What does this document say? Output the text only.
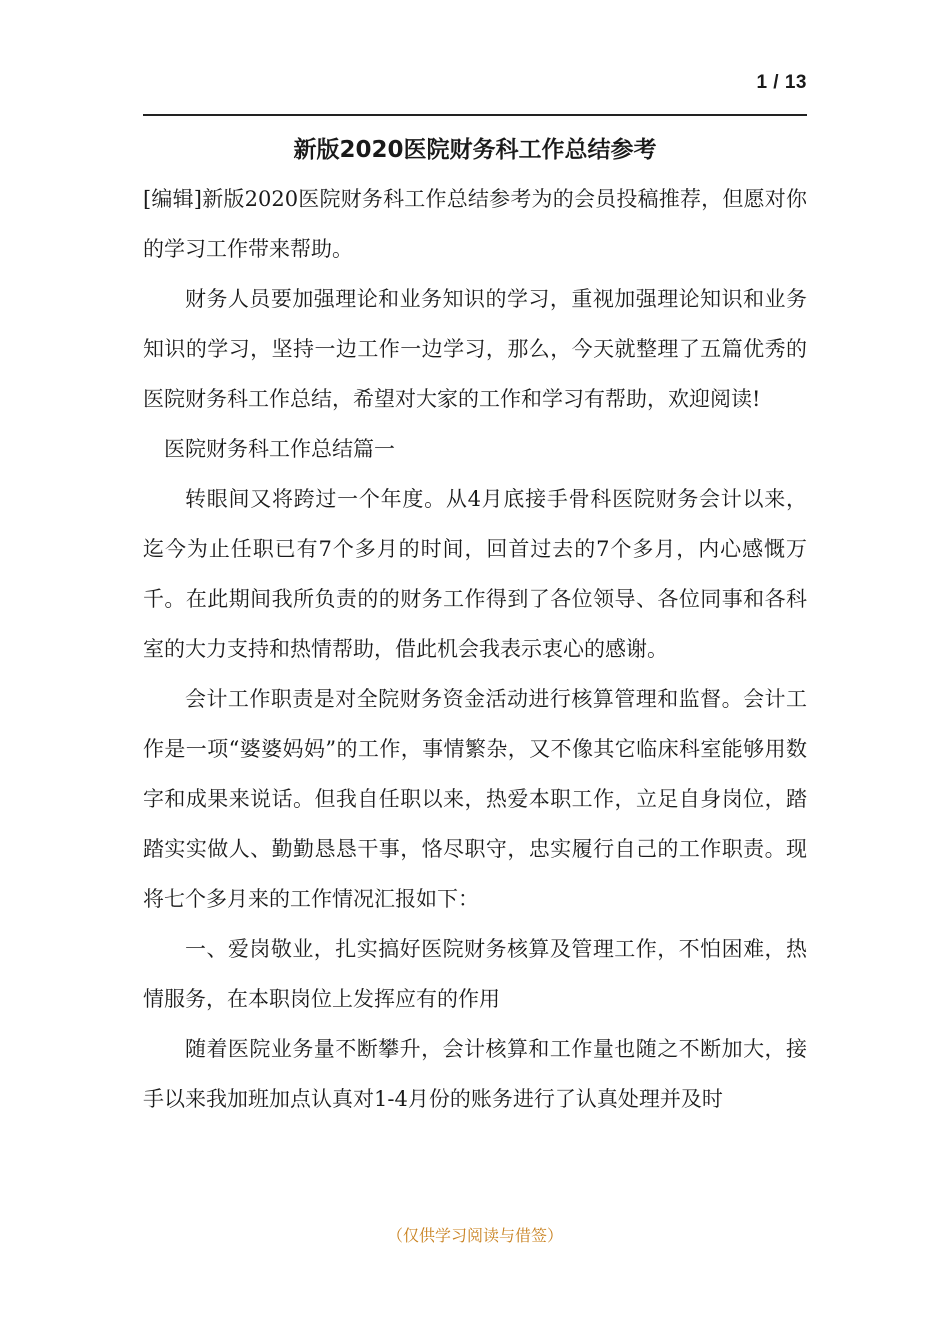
1 / 13
新版2020医院财务科工作总结参考

[编辑]新版2020医院财务科工作总结参考为的会员投稿推荐，但愿对你的学习工作带来帮助。

财务人员要加强理论和业务知识的学习，重视加强理论知识和业务知识的学习，坚持一边工作一边学习，那么，今天就整理了五篇优秀的医院财务科工作总结，希望对大家的工作和学习有帮助，欢迎阅读!

医院财务科工作总结篇一

转眼间又将跨过一个年度。从4月底接手骨科医院财务会计以来，迄今为止任职已有7个多月的时间，回首过去的7个多月，内心感慨万千。在此期间我所负责的的财务工作得到了各位领导、各位同事和各科室的大力支持和热情帮助，借此机会我表示衷心的感谢。

会计工作职责是对全院财务资金活动进行核算管理和监督。会计工作是一项“婆婆妈妈”的工作，事情繁杂，又不像其它临床科室能够用数字和成果来说话。但我自任职以来，热爱本职工作，立足自身岗位，踏踏实实做人、勤勤恳恳干事，恪尽职守，忠实履行自己的工作职责。现将七个多月来的工作情况汇报如下：

一、爱岗敬业，扎实搞好医院财务核算及管理工作，不怕困难，热情服务，在本职岗位上发挥应有的作用

随着医院业务量不断攀升，会计核算和工作量也随之不断加大，接手以来我加班加点认真对1-4月份的账务进行了认真处理并及时

（仅供学习阅读与借签）
